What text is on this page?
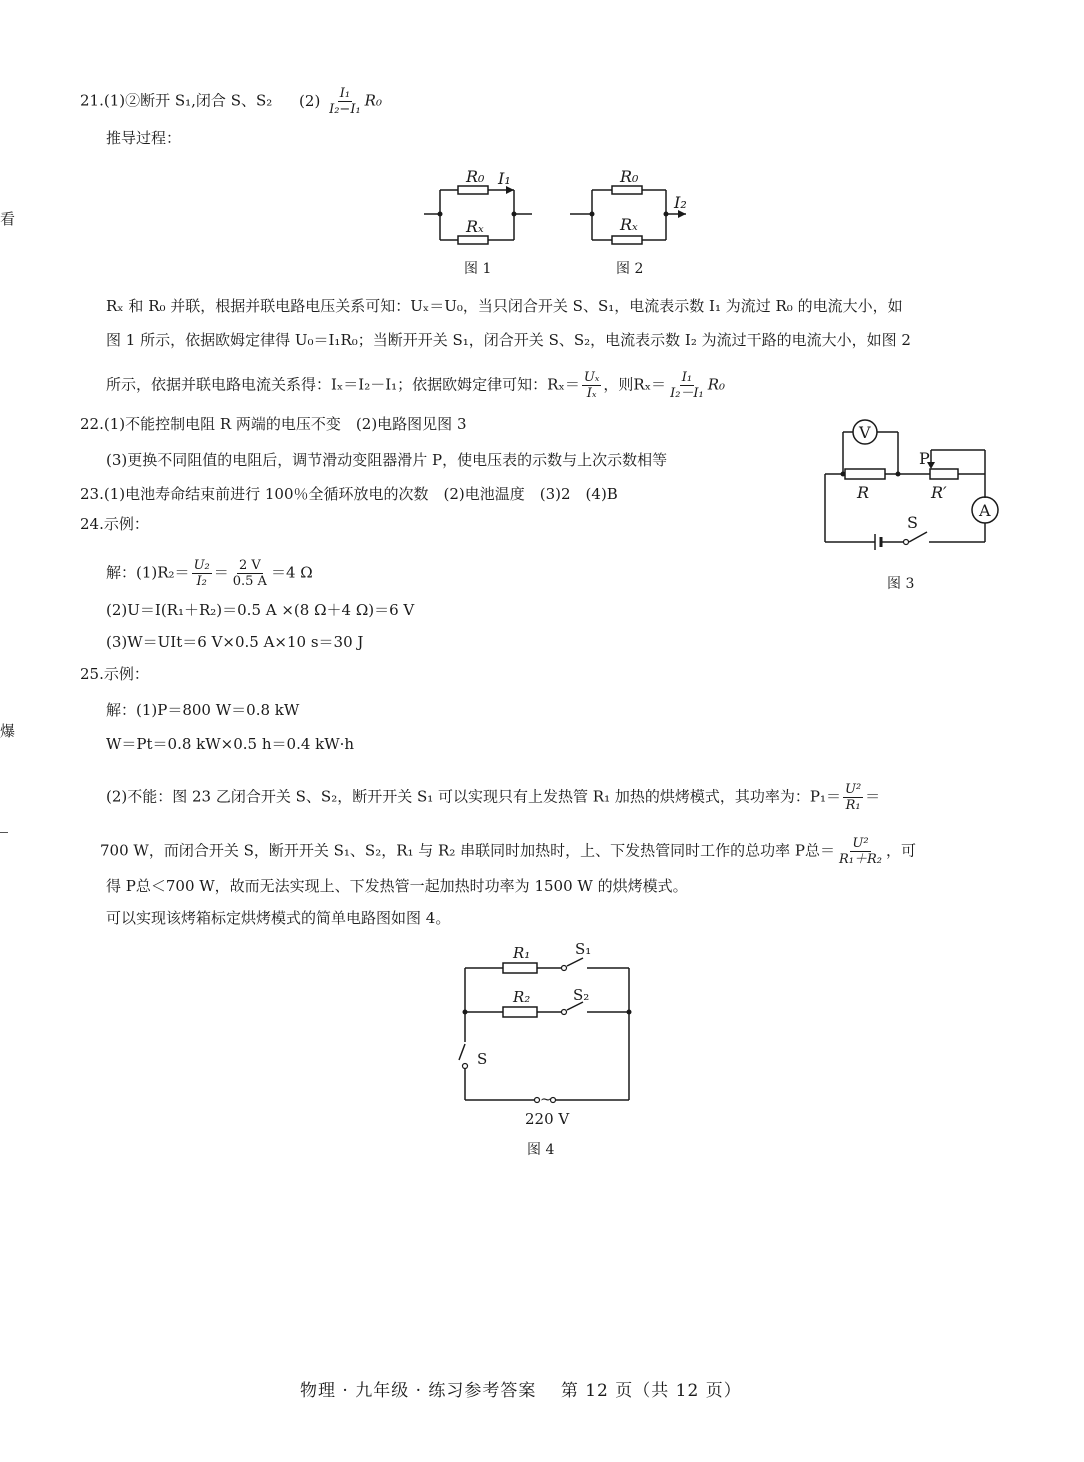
看
爆
21.(1)②断开 S₁,闭合 S、S₂ $(2) \frac{\text{I₁}}{\text{I₂−I₁}} R_0$
推导过程：
R₀ I₁
Rₓ
R₀
I₂
Rₓ
图 1	图 2
Rₓ 和 R₀ 并联，根据并联电路电压关系可知：Uₓ＝U₀，当只闭合开关 S、S₁，电流表示数 I₁ 为流过 R₀ 的电流大小，如
图 1 所示，依据欧姆定律得 U₀＝I₁R₀；当断开开关 S₁，闭合开关 S、S₂，电流表示数 I₂ 为流过干路的电流大小，如图 2
所示，依据并联电路电流关系得：Iₓ＝I₂－I₁；依据欧姆定律可知：$R_x= \frac{\text{Uₓ}}{\text{Iₓ}}$ ，则$R_x= \frac{\text{I₁}}{\text{I₂－I₁}} R_0$
22.(1)不能控制电阻 R 两端的电压不变　(2)电路图见图 3
(3)更换不同阻值的电阻后，调节滑动变阻器滑片 P，使电压表的示数与上次示数相等
V
P
R	R′
A
S
图 3
23.(1)电池寿命结束前进行 100％全循环放电的次数　(2)电池温度　(3)2　(4)B
24.示例：
解：$(1)R_2= \frac{\text{U₂}}{\text{I₂}} = \frac{2 V}{0.5 A} =4$ Ω
(2)U＝I(R₁＋R₂)＝0.5 A ×(8 Ω＋4 Ω)＝6 V
(3)W＝UIt＝6 V×0.5 A×10 s＝30 J
25.示例：
解：(1)P＝800 W＝0.8 kW
W＝Pt＝0.8 kW×0.5 h＝0.4 kW·h
(2)不能：图 23 乙闭合开关 S、S₂，断开开关 S₁ 可以实现只有上发热管 R₁ 加热的烘烤模式，其功率为：$P_1= \frac{\text{U²}}{\text{R₁}}$ ＝
700 W，而闭合开关 S，断开开关 S₁、S₂，R₁ 与 R₂ 串联同时加热时，上、下发热管同时工作的总功率 P总＝ $\frac{\text{U²}}{\text{R₁＋R₂}}$ ，可
得 P总＜700 W，故而无法实现上、下发热管一起加热时功率为 1500 W 的烘烤模式。
可以实现该烤箱标定烘烤模式的简单电路图如图 4。
~
R₁	S₁
R₂	S₂
S
220 V
图 4
物理 · 九年级 · 练习参考答案　 第 12 页（共 12 页）
